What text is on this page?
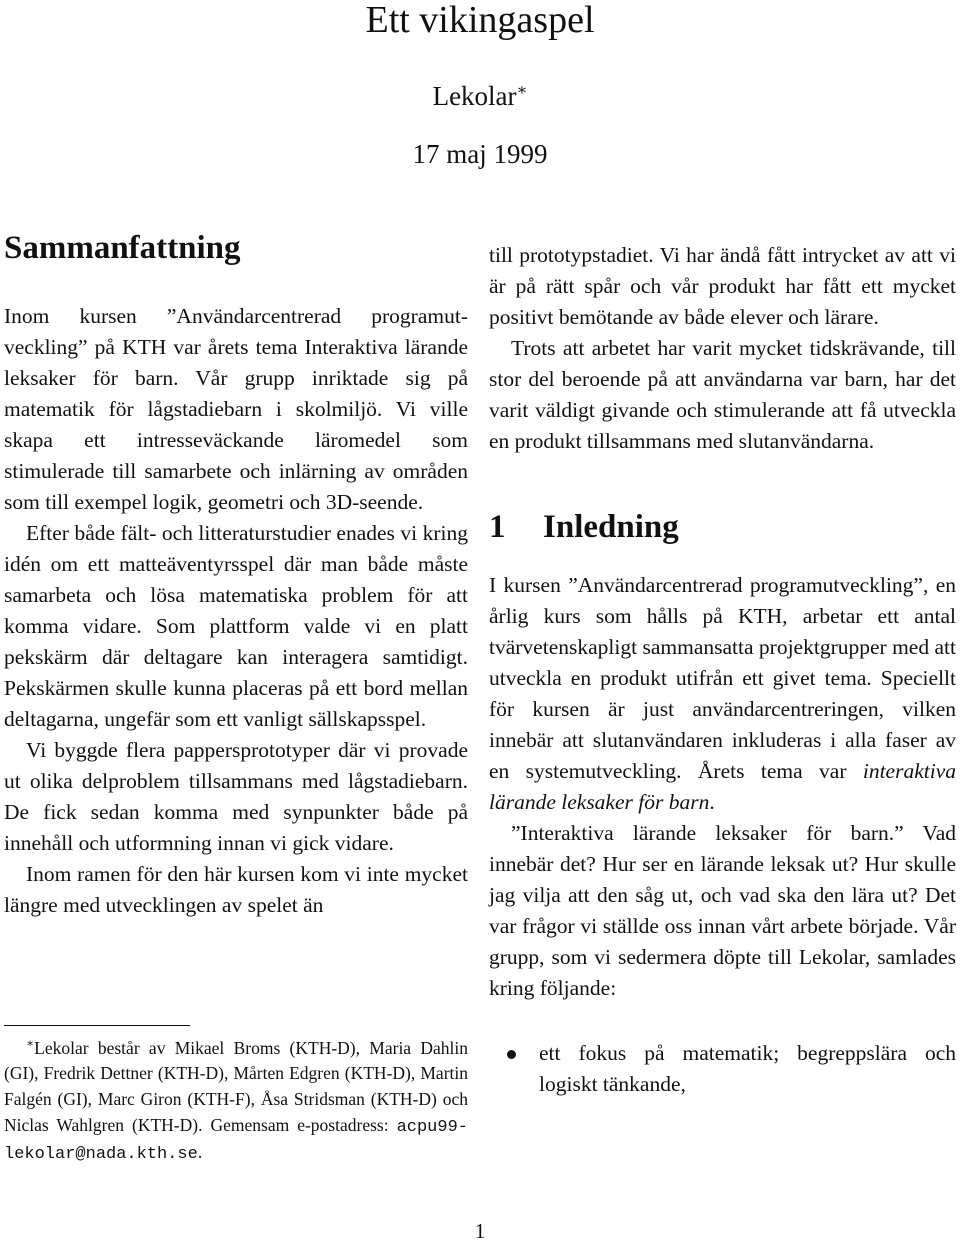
Ett vikingaspel
Lekolar∗
17 maj 1999
Sammanfattning

Inom kursen ”Användarcentrerad programutveckling” på KTH var årets tema Interaktiva lärande leksaker för barn. Vår grupp inriktade sig på matematik för lågstadiebarn i skolmiljö. Vi ville skapa ett intresseväckande läromedel som stimulerade till samarbete och inlärning av områden som till exempel logik, geometri och 3D-seende.

Efter både fält- och litteraturstudier enades vi kring idén om ett matteäventyrsspel där man både måste samarbeta och lösa matematiska problem för att komma vidare. Som plattform valde vi en platt pekskärm där deltagare kan interagera samtidigt. Pekskärmen skulle kunna placeras på ett bord mellan deltagarna, ungefär som ett vanligt sällskapsspel.

Vi byggde flera pappersprototyper där vi provade ut olika delproblem tillsammans med lågstadiebarn. De fick sedan komma med synpunkter både på innehåll och utformning innan vi gick vidare.

Inom ramen för den här kursen kom vi inte mycket längre med utvecklingen av spelet än

∗Lekolar består av Mikael Broms (KTH-D), Maria Dahlin (GI), Fredrik Dettner (KTH-D), Mårten Edgren (KTH-D), Martin Falgén (GI), Marc Giron (KTH-F), Åsa Stridsman (KTH-D) och Niclas Wahlgren (KTH-D). Gemensam e-postadress: acpu99-lekolar@nada.kth.se.

till prototypstadiet. Vi har ändå fått intrycket av att vi är på rätt spår och vår produkt har fått ett mycket positivt bemötande av både elever och lärare.

Trots att arbetet har varit mycket tidskrävande, till stor del beroende på att användarna var barn, har det varit väldigt givande och stimulerande att få utveckla en produkt tillsammans med slutanvändarna.

1 Inledning

I kursen ”Användarcentrerad programutveckling”, en årlig kurs som hålls på KTH, arbetar ett antal tvärvetenskapligt sammansatta projektgrupper med att utveckla en produkt utifrån ett givet tema. Speciellt för kursen är just användarcentreringen, vilken innebär att slutanvändaren inkluderas i alla faser av en systemutveckling. Årets tema var interaktiva lärande leksaker för barn.

”Interaktiva lärande leksaker för barn.” Vad innebär det? Hur ser en lärande leksak ut? Hur skulle jag vilja att den såg ut, och vad ska den lära ut? Det var frågor vi ställde oss innan vårt arbete började. Vår grupp, som vi sedermera döpte till Lekolar, samlades kring följande:

ett fokus på matematik; begreppslära och logiskt tänkande,
1
